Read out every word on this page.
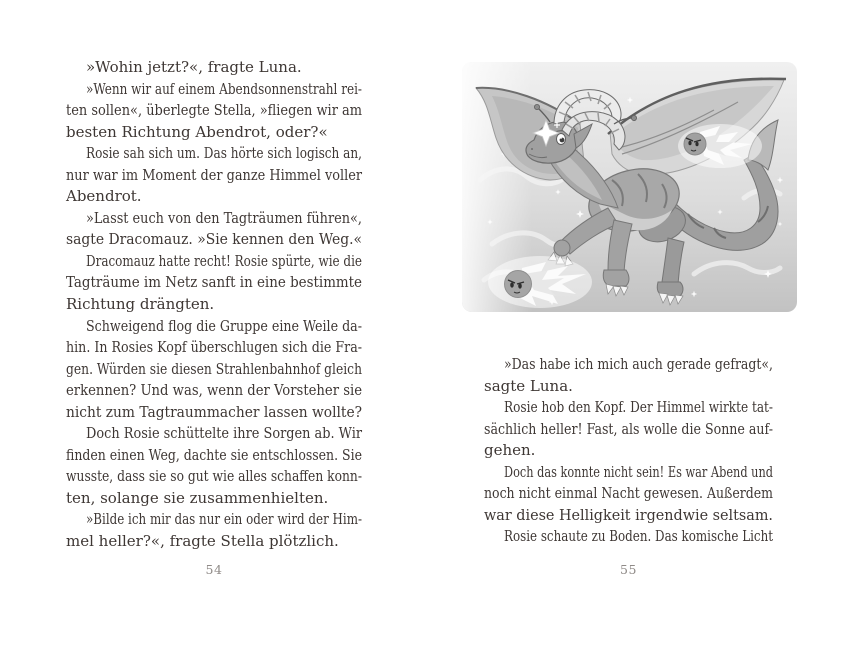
»Wohin jetzt?«, fragte Luna.
»Wenn wir auf einem Abendsonnenstrahl rei-
ten sollen«, überlegte Stella, »fliegen wir am
besten Richtung Abendrot, oder?«
Rosie sah sich um. Das hörte sich logisch an,
nur war im Moment der ganze Himmel voller
Abendrot.
»Lasst euch von den Tagträumen führen«,
sagte Dracomauz. »Sie kennen den Weg.«
Dracomauz hatte recht! Rosie spürte, wie die
Tagträume im Netz sanft in eine bestimmte
Richtung drängten.
Schweigend flog die Gruppe eine Weile da-
hin. In Rosies Kopf überschlugen sich die Fra-
gen. Würden sie diesen Strahlenbahnhof gleich
erkennen? Und was, wenn der Vorsteher sie
nicht zum Tagtraummacher lassen wollte?
Doch Rosie schüttelte ihre Sorgen ab. Wir
finden einen Weg, dachte sie entschlossen. Sie
wusste, dass sie so gut wie alles schaffen konn-
ten, solange sie zusammenhielten.
»Bilde ich mir das nur ein oder wird der Him-
mel heller?«, fragte Stella plötzlich.
»Das habe ich mich auch gerade gefragt«,
sagte Luna.
Rosie hob den Kopf. Der Himmel wirkte tat-
sächlich heller! Fast, als wolle die Sonne auf-
gehen.
Doch das konnte nicht sein! Es war Abend und
noch nicht einmal Nacht gewesen. Außerdem
war diese Helligkeit irgendwie seltsam.
Rosie schaute zu Boden. Das komische Licht
54	55
